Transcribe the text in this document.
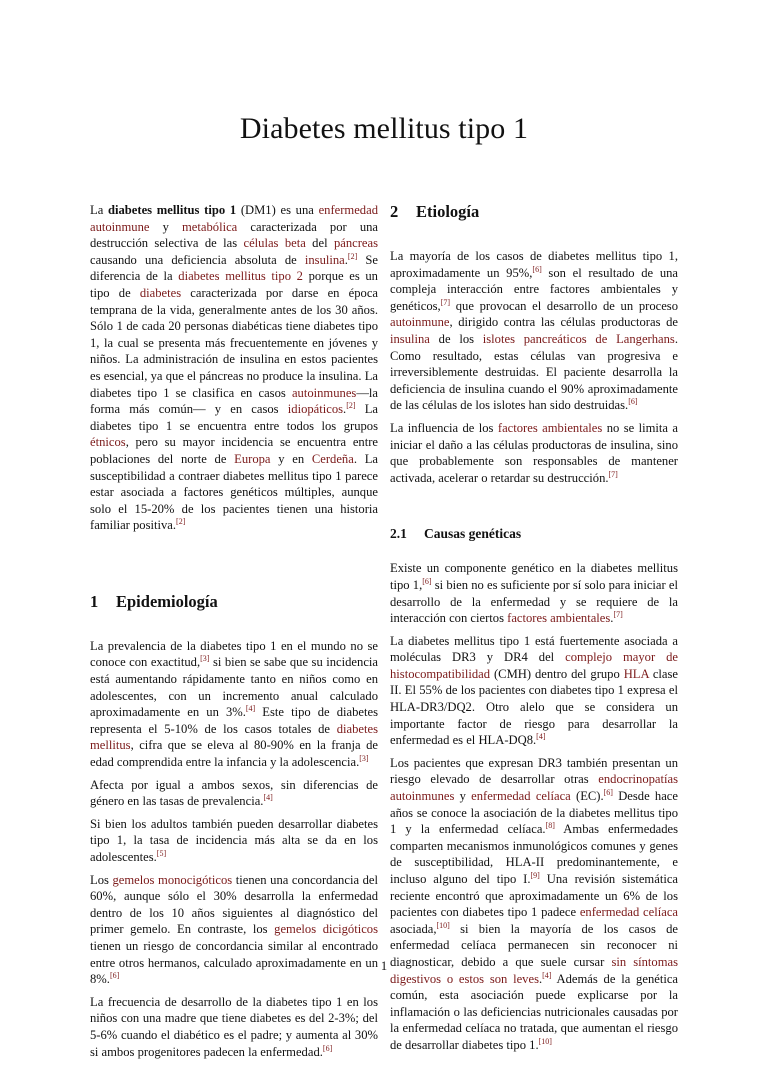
Diabetes mellitus tipo 1

La diabetes mellitus tipo 1 (DM1) es una enfermedad autoinmune y metabólica caracterizada por una destrucción selectiva de las células beta del páncreas causando una deficiencia absoluta de insulina.[2] Se diferencia de la diabetes mellitus tipo 2 porque es un tipo de diabetes caracterizada por darse en época temprana de la vida, generalmente antes de los 30 años. Sólo 1 de cada 20 personas diabéticas tiene diabetes tipo 1, la cual se presenta más frecuentemente en jóvenes y niños. La administración de insulina en estos pacientes es esencial, ya que el páncreas no produce la insulina. La diabetes tipo 1 se clasifica en casos autoinmunes—la forma más común— y en casos idiopáticos.[2] La diabetes tipo 1 se encuentra entre todos los grupos étnicos, pero su mayor incidencia se encuentra entre poblaciones del norte de Europa y en Cerdeña. La susceptibilidad a contraer diabetes mellitus tipo 1 parece estar asociada a factores genéticos múltiples, aunque solo el 15-20% de los pacientes tienen una historia familiar positiva.[2]

1 Epidemiología

La prevalencia de la diabetes tipo 1 en el mundo no se conoce con exactitud,[3] si bien se sabe que su incidencia está aumentando rápidamente tanto en niños como en adolescentes, con un incremento anual calculado aproximadamente en un 3%.[4] Este tipo de diabetes representa el 5-10% de los casos totales de diabetes mellitus, cifra que se eleva al 80-90% en la franja de edad comprendida entre la infancia y la adolescencia.[3]

Afecta por igual a ambos sexos, sin diferencias de género en las tasas de prevalencia.[4]

Si bien los adultos también pueden desarrollar diabetes tipo 1, la tasa de incidencia más alta se da en los adolescentes.[5]

Los gemelos monocigóticos tienen una concordancia del 60%, aunque sólo el 30% desarrolla la enfermedad dentro de los 10 años siguientes al diagnóstico del primer gemelo. En contraste, los gemelos dicigóticos tienen un riesgo de concordancia similar al encontrado entre otros hermanos, calculado aproximadamente en un 8%.[6]

La frecuencia de desarrollo de la diabetes tipo 1 en los niños con una madre que tiene diabetes es del 2-3%; del 5-6% cuando el diabético es el padre; y aumenta al 30% si ambos progenitores padecen la enfermedad.[6]

2 Etiología

La mayoría de los casos de diabetes mellitus tipo 1, aproximadamente un 95%,[6] son el resultado de una compleja interacción entre factores ambientales y genéticos,[7] que provocan el desarrollo de un proceso autoinmune, dirigido contra las células productoras de insulina de los islotes pancreáticos de Langerhans. Como resultado, estas células van progresiva e irreversiblemente destruidas. El paciente desarrolla la deficiencia de insulina cuando el 90% aproximadamente de las células de los islotes han sido destruidas.[6]

La influencia de los factores ambientales no se limita a iniciar el daño a las células productoras de insulina, sino que probablemente son responsables de mantener activada, acelerar o retardar su destrucción.[7]

2.1 Causas genéticas

Existe un componente genético en la diabetes mellitus tipo 1,[6] si bien no es suficiente por sí solo para iniciar el desarrollo de la enfermedad y se requiere de la interacción con ciertos factores ambientales.[7]

La diabetes mellitus tipo 1 está fuertemente asociada a moléculas DR3 y DR4 del complejo mayor de histocompatibilidad (CMH) dentro del grupo HLA clase II. El 55% de los pacientes con diabetes tipo 1 expresa el HLA-DR3/DQ2. Otro alelo que se considera un importante factor de riesgo para desarrollar la enfermedad es el HLA-DQ8.[4]

Los pacientes que expresan DR3 también presentan un riesgo elevado de desarrollar otras endocrinopatías autoinmunes y enfermedad celíaca (EC).[6] Desde hace años se conoce la asociación de la diabetes mellitus tipo 1 y la enfermedad celíaca.[8] Ambas enfermedades comparten mecanismos inmunológicos comunes y genes de susceptibilidad, HLA-II predominantemente, e incluso alguno del tipo I.[9] Una revisión sistemática reciente encontró que aproximadamente un 6% de los pacientes con diabetes tipo 1 padece enfermedad celíaca asociada,[10] si bien la mayoría de los casos de enfermedad celíaca permanecen sin reconocer ni diagnosticar, debido a que suele cursar sin síntomas digestivos o estos son leves.[4] Además de la genética común, esta asociación puede explicarse por la inflamación o las deficiencias nutricionales causadas por la enfermedad celíaca no tratada, que aumentan el riesgo de desarrollar diabetes tipo 1.[10]

1
